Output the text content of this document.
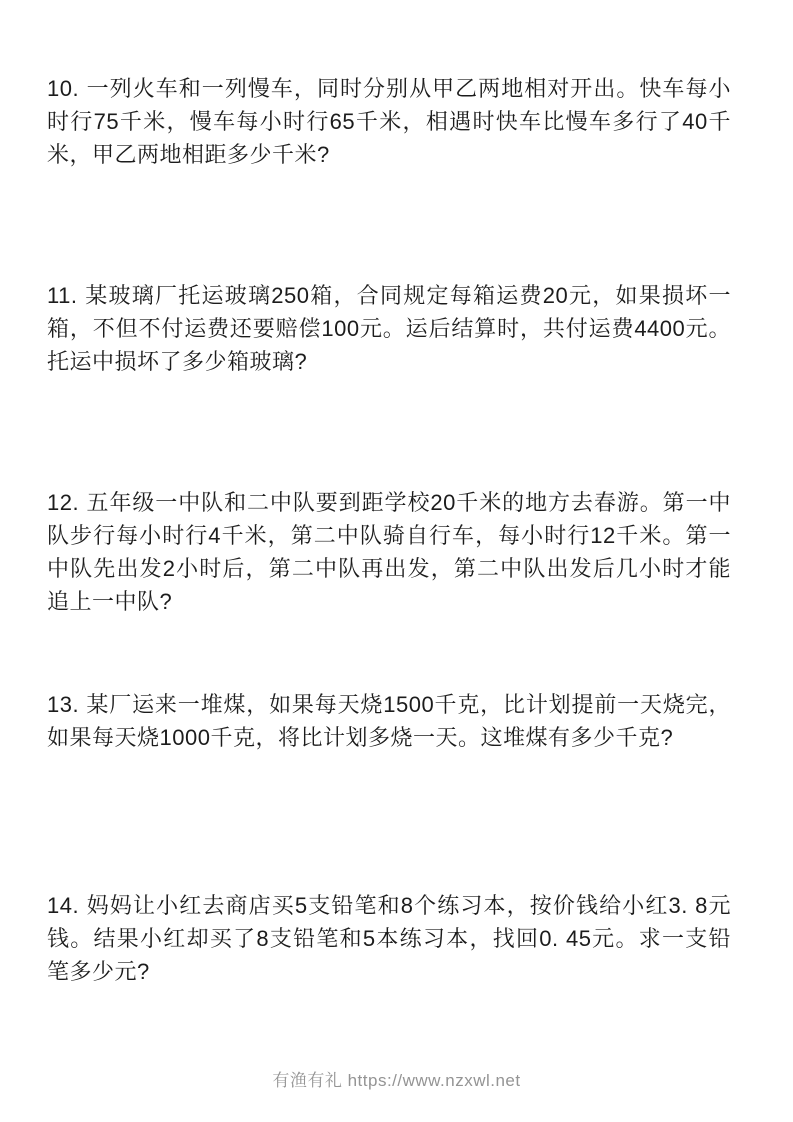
10. 一列火车和一列慢车，同时分别从甲乙两地相对开出。快车每小时行75千米，慢车每小时行65千米，相遇时快车比慢车多行了40千米，甲乙两地相距多少千米?

11. 某玻璃厂托运玻璃250箱，合同规定每箱运费20元，如果损坏一箱，不但不付运费还要赔偿100元。运后结算时，共付运费4400元。托运中损坏了多少箱玻璃?

12. 五年级一中队和二中队要到距学校20千米的地方去春游。第一中队步行每小时行4千米，第二中队骑自行车，每小时行12千米。第一中队先出发2小时后，第二中队再出发，第二中队出发后几小时才能追上一中队?

13. 某厂运来一堆煤，如果每天烧1500千克，比计划提前一天烧完，如果每天烧1000千克，将比计划多烧一天。这堆煤有多少千克?

14. 妈妈让小红去商店买5支铅笔和8个练习本，按价钱给小红3. 8元钱。结果小红却买了8支铅笔和5本练习本，找回0. 45元。求一支铅笔多少元?

有渔有礼 https://www.nzxwl.net
